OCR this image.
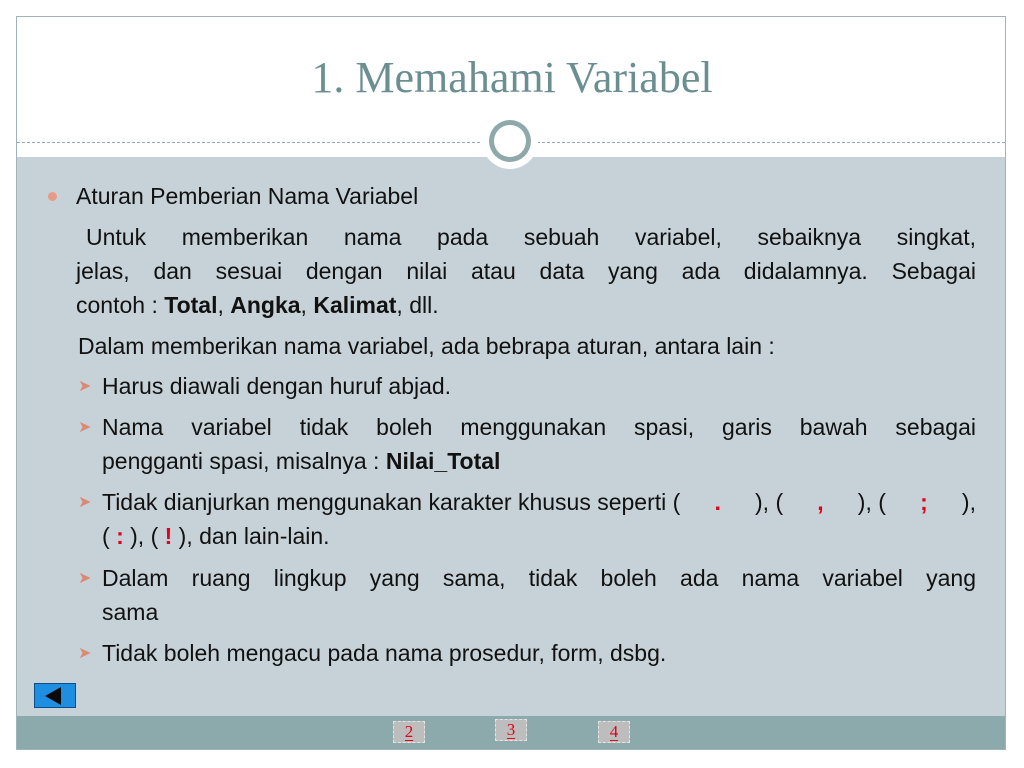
1. Memahami Variabel
Aturan Pemberian Nama Variabel
Untuk memberikan nama pada sebuah variabel, sebaiknya singkat,
jelas, dan sesuai dengan nilai atau data yang ada didalamnya. Sebagai
contoh : Total, Angka, Kalimat, dll.
Dalam memberikan nama variabel, ada bebrapa aturan, antara lain :
➤ Harus diawali dengan huruf abjad.
➤ Nama variabel tidak boleh menggunakan spasi, garis bawah sebagai
pengganti spasi, misalnya : Nilai_Total
➤ Tidak dianjurkan menggunakan karakter khusus seperti ( . ), ( , ), ( ; ),
( : ), ( ! ), dan lain-lain.
➤ Dalam ruang lingkup yang sama, tidak boleh ada nama variabel yang
sama
➤ Tidak boleh mengacu pada nama prosedur, form, dsbg.
2	3	4
